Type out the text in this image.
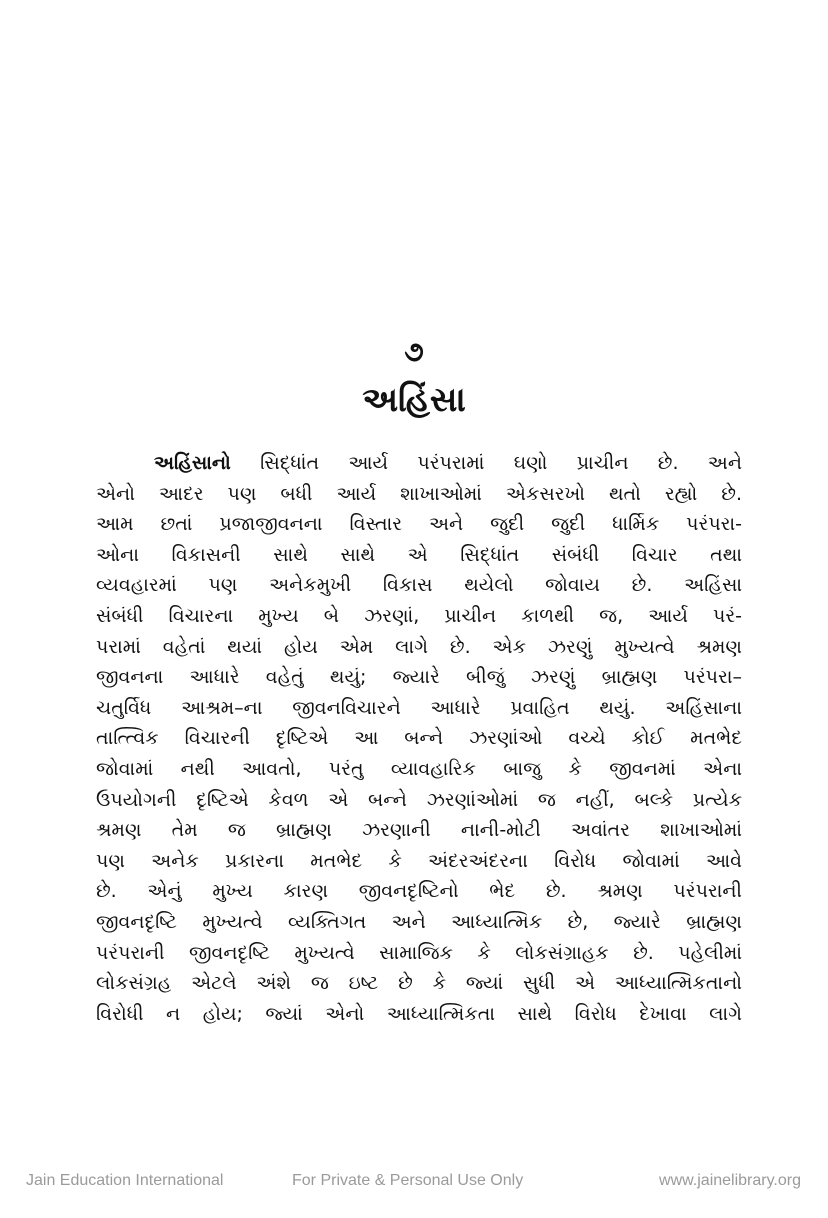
૭
અહિંસા
અહિંસાનો સિદ્ધાંત આર્ય પરંપરામાં ઘણો પ્રાચીન છે. અને
એનો આદર પણ બધી આર્ય શાખાઓમાં એકસરખો થતો રહ્યો છે.
આમ છતાં પ્રજાજીવનના વિસ્તાર અને જુદી જુદી ધાર્મિક પરંપરા-
ઓના વિકાસની સાથે સાથે એ સિદ્ધાંત સંબંધી વિચાર તથા
વ્યવહારમાં પણ અનેકમુખી વિકાસ થયેલો જોવાય છે. અહિંસા
સંબંધી વિચારના મુખ્ય બે ઝરણાં, પ્રાચીન કાળથી જ, આર્ય પરં-
પરામાં વહેતાં થયાં હોય એમ લાગે છે. એક ઝરણું મુખ્યત્વે શ્રમણ
જીવનના આધારે વહેતું થયું; જ્યારે બીજું ઝરણું બ્રાહ્મણ પરંપરા–
ચતુર્વિધ આશ્રમ–ના જીવનવિચારને આધારે પ્રવાહિત થયું. અહિંસાના
તાત્ત્વિક વિચારની દૃષ્ટિએ આ બન્ને ઝરણાંઓ વચ્ચે કોઈ મતભેદ
જોવામાં નથી આવતો, પરંતુ વ્યાવહારિક બાજુ કે જીવનમાં એના
ઉપયોગની દૃષ્ટિએ કેવળ એ બન્ને ઝરણાંઓમાં જ નહીં, બલ્કે પ્રત્યેક
શ્રમણ તેમ જ બ્રાહ્મણ ઝરણાની નાની-મોટી અવાંતર શાખાઓમાં
પણ અનેક પ્રકારના મતભેદ કે અંદરઅંદરના વિરોધ જોવામાં આવે
છે. એનું મુખ્ય કારણ જીવનદૃષ્ટિનો ભેદ છે. શ્રમણ પરંપરાની
જીવનદૃષ્ટિ મુખ્યત્વે વ્યક્તિગત અને આધ્યાત્મિક છે, જ્યારે બ્રાહ્મણ
પરંપરાની જીવનદૃષ્ટિ મુખ્યત્વે સામાજિક કે લોકસંગ્રાહક છે. પહેલીમાં
લોકસંગ્રહ એટલે અંશે જ ઇષ્ટ છે કે જ્યાં સુધી એ આધ્યાત્મિકતાનો
વિરોધી ન હોય; જ્યાં એનો આધ્યાત્મિકતા સાથે વિરોધ દેખાવા લાગે
Jain Education International	For Private & Personal Use Only	www.jainelibrary.org
